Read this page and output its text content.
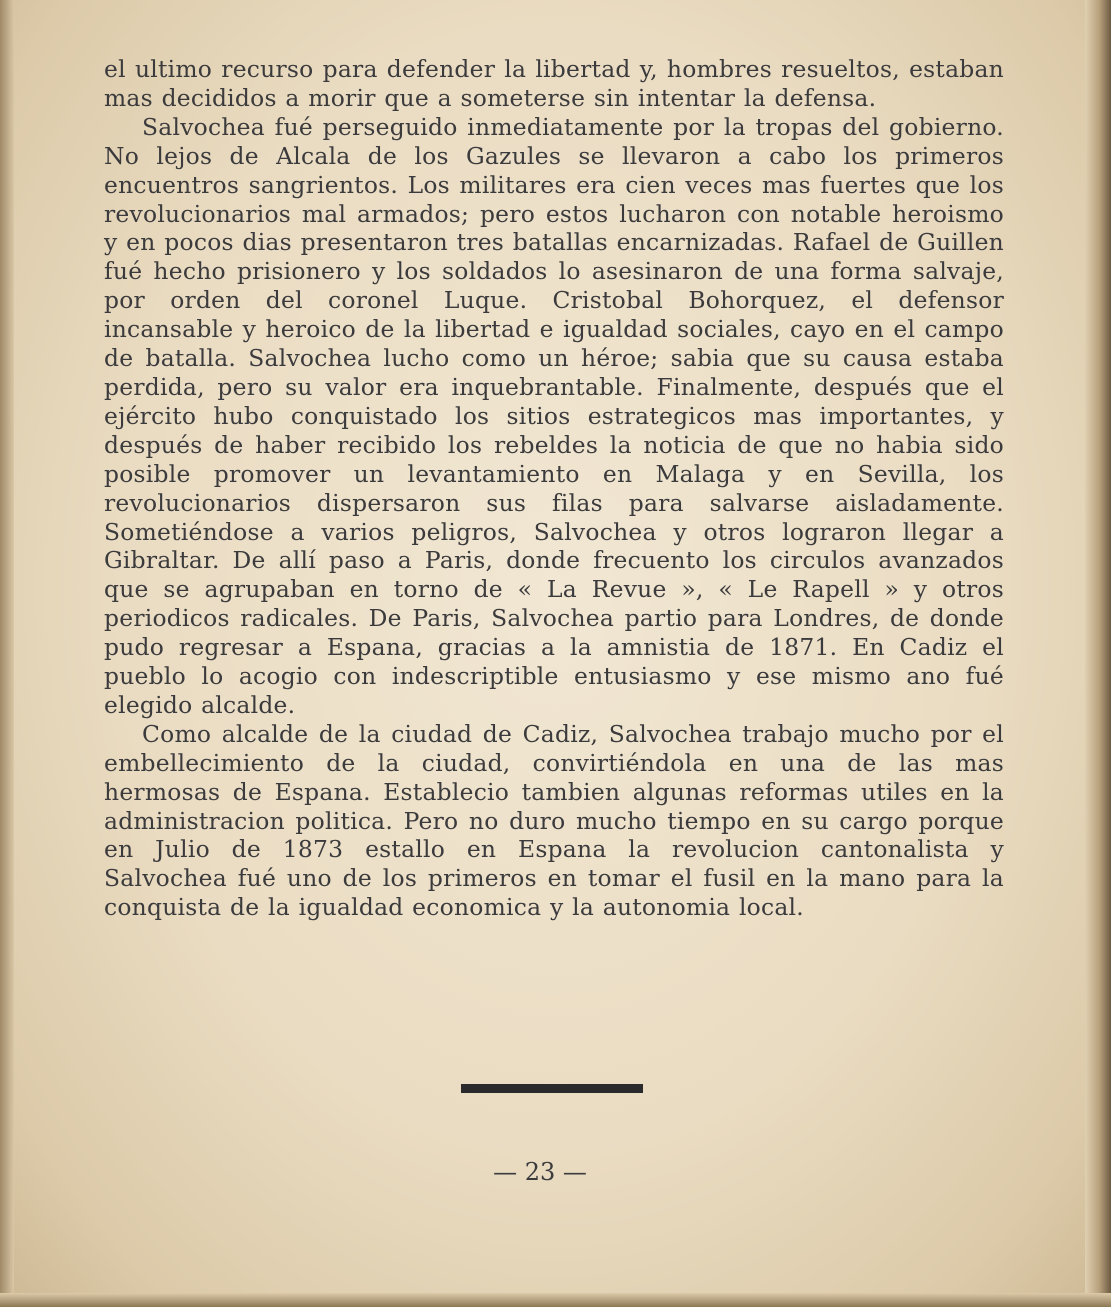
el ultimo recurso para defender la libertad y, hombres resueltos, estaban mas decididos a morir que a someterse sin intentar la defensa.

Salvochea fué perseguido inmediatamente por la tropas del gobierno. No lejos de Alcala de los Gazules se llevaron a cabo los primeros encuentros sangrientos. Los militares era cien veces mas fuertes que los revolucionarios mal armados; pero estos lucharon con notable heroismo y en pocos dias presentaron tres batallas encarnizadas. Rafael de Guillen fué hecho prisionero y los soldados lo asesinaron de una forma salvaje, por orden del coronel Luque. Cristobal Bohorquez, el defensor incansable y heroico de la libertad e igualdad sociales, cayo en el campo de batalla. Salvochea lucho como un héroe; sabia que su causa estaba perdida, pero su valor era inquebrantable. Finalmente, después que el ejército hubo conquistado los sitios estrategicos mas importantes, y después de haber recibido los rebeldes la noticia de que no habia sido posible promover un levantamiento en Malaga y en Sevilla, los revolucionarios dispersaron sus filas para salvarse aisladamente. Sometiéndose a varios peligros, Salvochea y otros lograron llegar a Gibraltar. De allí paso a Paris, donde frecuento los circulos avanzados que se agrupaban en torno de « La Revue », « Le Rapell » y otros periodicos radicales. De Paris, Salvochea partio para Londres, de donde pudo regresar a Espana, gracias a la amnistia de 1871. En Cadiz el pueblo lo acogio con indescriptible entusiasmo y ese mismo ano fué elegido alcalde.

Como alcalde de la ciudad de Cadiz, Salvochea trabajo mucho por el embellecimiento de la ciudad, convirtiéndola en una de las mas hermosas de Espana. Establecio tambien algunas reformas utiles en la administracion politica. Pero no duro mucho tiempo en su cargo porque en Julio de 1873 estallo en Espana la revolucion cantonalista y Salvochea fué uno de los primeros en tomar el fusil en la mano para la conquista de la igualdad economica y la autonomia local.

— 23 —
